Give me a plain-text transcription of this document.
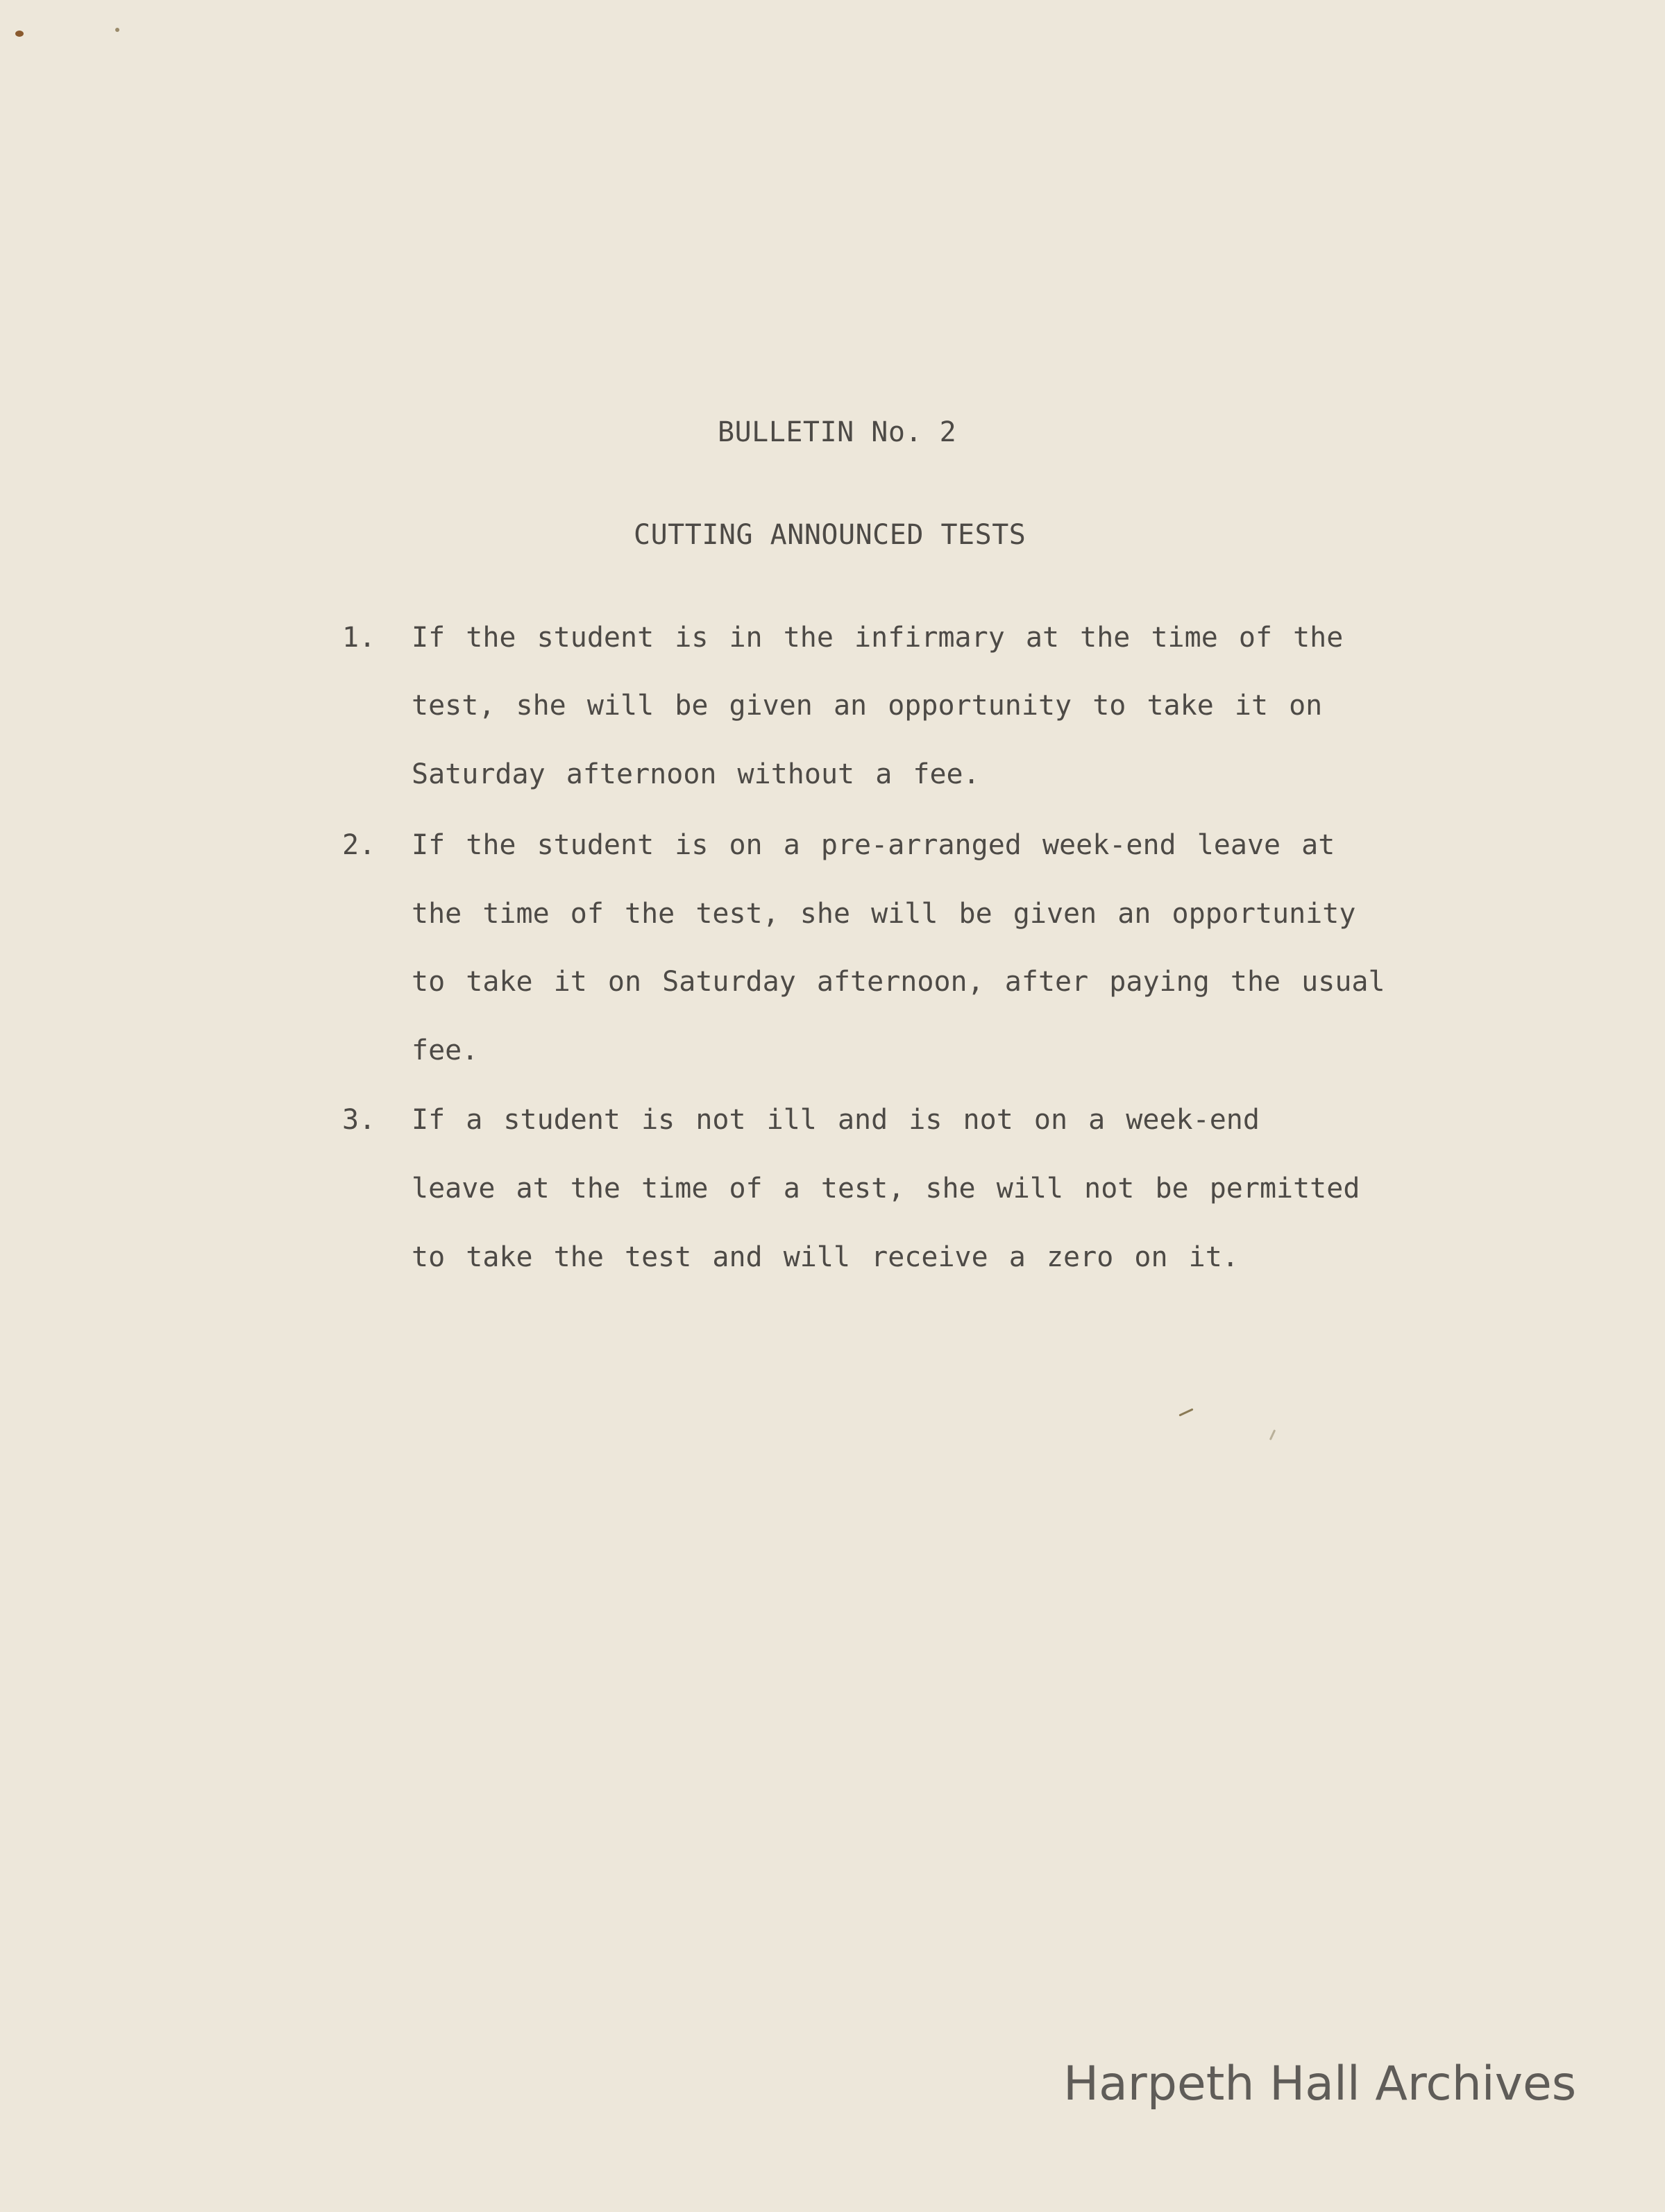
BULLETIN No. 2

CUTTING ANNOUNCED TESTS

1. If the student is in the infirmary at the time of the

test, she will be given an opportunity to take it on

Saturday afternoon without a fee.

2. If the student is on a pre-arranged week-end leave at

the time of the test, she will be given an opportunity

to take it on Saturday afternoon, after paying the usual

fee.

3. If a student is not ill and is not on a week-end

leave at the time of a test, she will not be permitted

to take the test and will receive a zero on it.

Harpeth Hall Archives
